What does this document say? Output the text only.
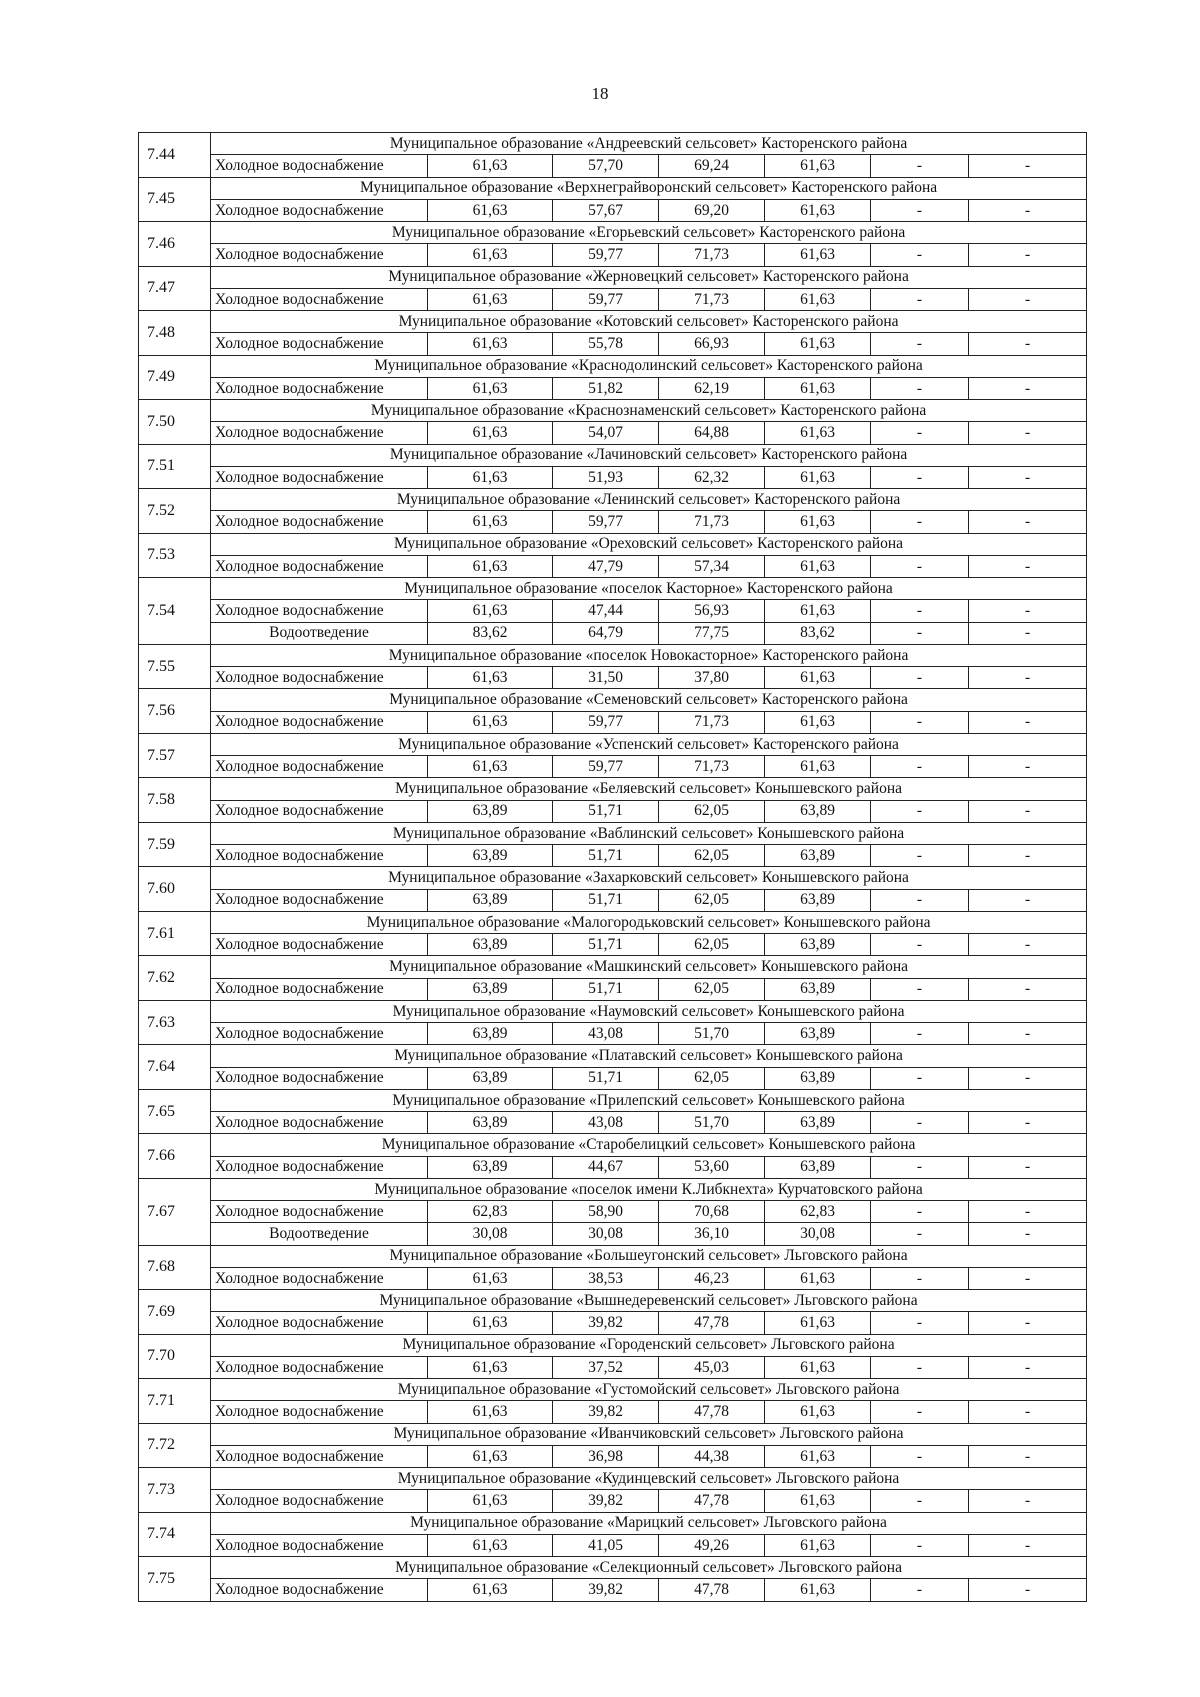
18
7.44	Муниципальное образование «Андреевский сельсовет» Касторенского района						
	Холодное водоснабжение	61,63	57,70	69,24	61,63	-	-
7.45	Муниципальное образование «Верхнеграйворонский сельсовет» Касторенского района						
	Холодное водоснабжение	61,63	57,67	69,20	61,63	-	-
7.46	Муниципальное образование «Егорьевский сельсовет» Касторенского района						
	Холодное водоснабжение	61,63	59,77	71,73	61,63	-	-
7.47	Муниципальное образование «Жерновецкий сельсовет» Касторенского района						
	Холодное водоснабжение	61,63	59,77	71,73	61,63	-	-
7.48	Муниципальное образование «Котовский сельсовет» Касторенского района						
	Холодное водоснабжение	61,63	55,78	66,93	61,63	-	-
7.49	Муниципальное образование «Краснодолинский сельсовет» Касторенского района						
	Холодное водоснабжение	61,63	51,82	62,19	61,63	-	-
7.50	Муниципальное образование «Краснознаменский сельсовет» Касторенского района						
	Холодное водоснабжение	61,63	54,07	64,88	61,63	-	-
7.51	Муниципальное образование «Лачиновский сельсовет» Касторенского района						
	Холодное водоснабжение	61,63	51,93	62,32	61,63	-	-
7.52	Муниципальное образование «Ленинский сельсовет» Касторенского района						
	Холодное водоснабжение	61,63	59,77	71,73	61,63	-	-
7.53	Муниципальное образование «Ореховский сельсовет» Касторенского района						
	Холодное водоснабжение	61,63	47,79	57,34	61,63	-	-
7.54	Муниципальное образование «поселок Касторное» Касторенского района						
	Холодное водоснабжение	61,63	47,44	56,93	61,63	-	-
	Водоотведение	83,62	64,79	77,75	83,62	-	-
7.55	Муниципальное образование «поселок Новокасторное» Касторенского района						
	Холодное водоснабжение	61,63	31,50	37,80	61,63	-	-
7.56	Муниципальное образование «Семеновский сельсовет» Касторенского района						
	Холодное водоснабжение	61,63	59,77	71,73	61,63	-	-
7.57	Муниципальное образование «Успенский сельсовет» Касторенского района						
	Холодное водоснабжение	61,63	59,77	71,73	61,63	-	-
7.58	Муниципальное образование «Беляевский сельсовет» Конышевского района						
	Холодное водоснабжение	63,89	51,71	62,05	63,89	-	-
7.59	Муниципальное образование «Ваблинский сельсовет» Конышевского района						
	Холодное водоснабжение	63,89	51,71	62,05	63,89	-	-
7.60	Муниципальное образование «Захарковский сельсовет» Конышевского района						
	Холодное водоснабжение	63,89	51,71	62,05	63,89	-	-
7.61	Муниципальное образование «Малогородьковский сельсовет» Конышевского района						
	Холодное водоснабжение	63,89	51,71	62,05	63,89	-	-
7.62	Муниципальное образование «Машкинский сельсовет» Конышевского района						
	Холодное водоснабжение	63,89	51,71	62,05	63,89	-	-
7.63	Муниципальное образование «Наумовский сельсовет» Конышевского района						
	Холодное водоснабжение	63,89	43,08	51,70	63,89	-	-
7.64	Муниципальное образование «Платавский сельсовет» Конышевского района						
	Холодное водоснабжение	63,89	51,71	62,05	63,89	-	-
7.65	Муниципальное образование «Прилепский сельсовет» Конышевского района						
	Холодное водоснабжение	63,89	43,08	51,70	63,89	-	-
7.66	Муниципальное образование «Старобелицкий сельсовет» Конышевского района						
	Холодное водоснабжение	63,89	44,67	53,60	63,89	-	-
7.67	Муниципальное образование «поселок имени К.Либкнехта» Курчатовского района						
	Холодное водоснабжение	62,83	58,90	70,68	62,83	-	-
	Водоотведение	30,08	30,08	36,10	30,08	-	-
7.68	Муниципальное образование «Большеугонский сельсовет» Льговского района						
	Холодное водоснабжение	61,63	38,53	46,23	61,63	-	-
7.69	Муниципальное образование «Вышнедеревенский сельсовет» Льговского района						
	Холодное водоснабжение	61,63	39,82	47,78	61,63	-	-
7.70	Муниципальное образование «Городенский сельсовет» Льговского района						
	Холодное водоснабжение	61,63	37,52	45,03	61,63	-	-
7.71	Муниципальное образование «Густомойский сельсовет» Льговского района						
	Холодное водоснабжение	61,63	39,82	47,78	61,63	-	-
7.72	Муниципальное образование «Иванчиковский сельсовет» Льговского района						
	Холодное водоснабжение	61,63	36,98	44,38	61,63	-	-
7.73	Муниципальное образование «Кудинцевский сельсовет» Льговского района						
	Холодное водоснабжение	61,63	39,82	47,78	61,63	-	-
7.74	Муниципальное образование «Марицкий сельсовет» Льговского района						
	Холодное водоснабжение	61,63	41,05	49,26	61,63	-	-
7.75	Муниципальное образование «Селекционный сельсовет» Льговского района						
	Холодное водоснабжение	61,63	39,82	47,78	61,63	-	-
